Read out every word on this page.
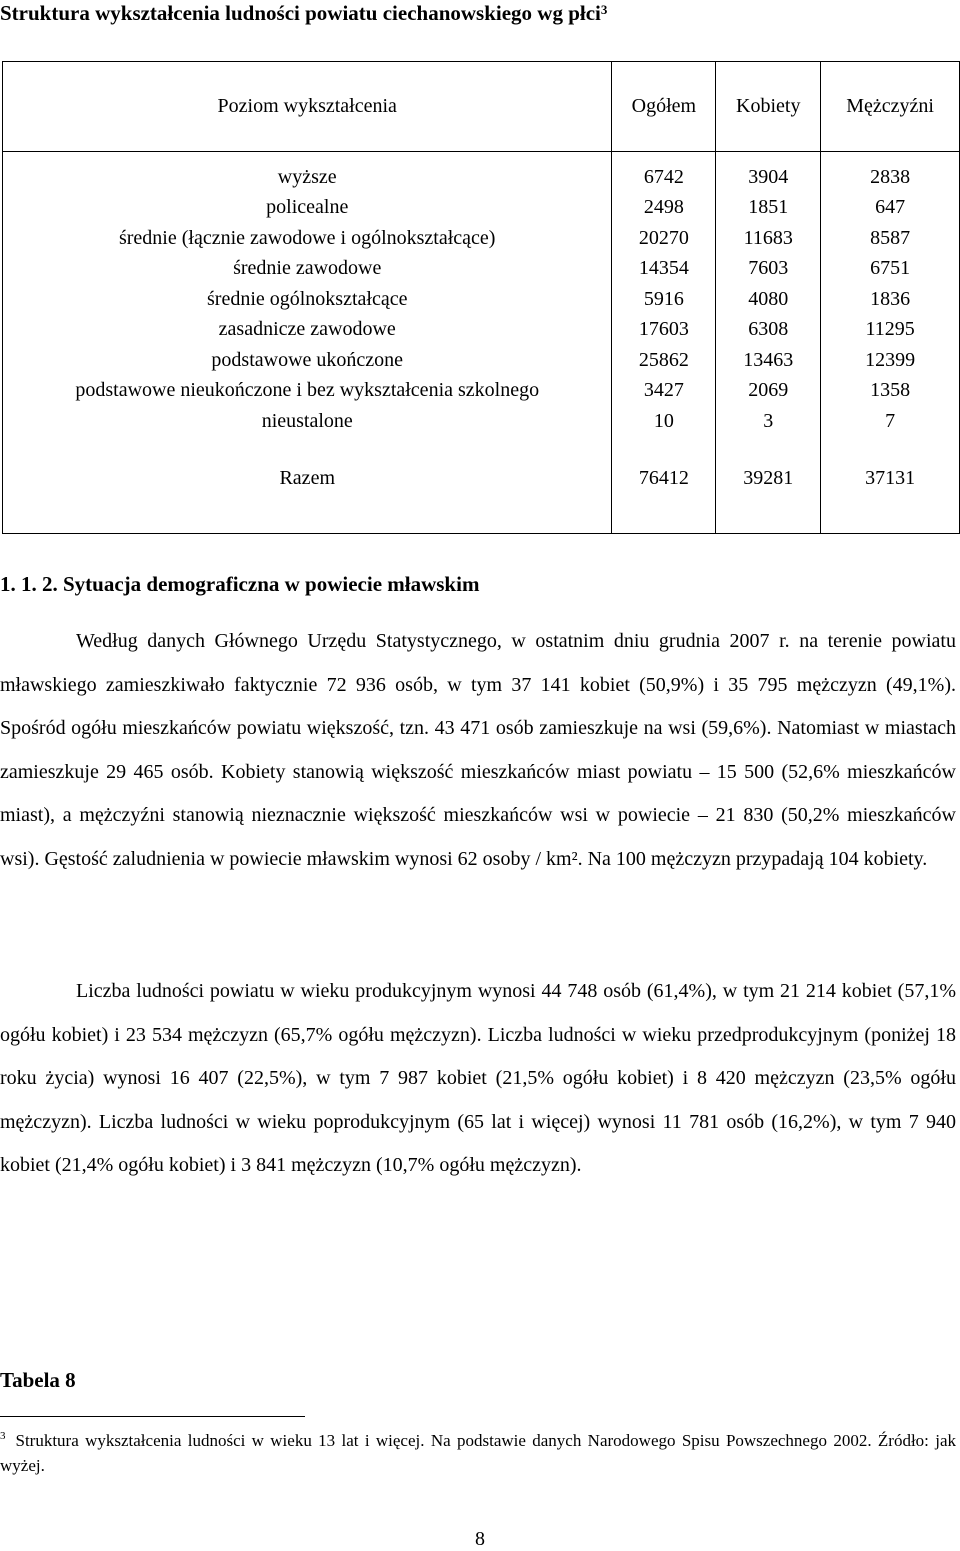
Struktura wykształcenia ludności powiatu ciechanowskiego wg płci$^3$
Poziom wykształcenia	Ogółem	Kobiety	Mężczyźni

wyższe	6742	3904	2838
policealne	2498	1851	647
średnie (łącznie zawodowe i ogólnokształcące)	20270	11683	8587
średnie zawodowe	14354	7603	6751
średnie ogólnokształcące	5916	4080	1836
zasadnicze zawodowe	17603	6308	11295
podstawowe ukończone	25862	13463	12399
podstawowe nieukończone i bez wykształcenia szkolnego	3427	2069	1358
nieustalone	10	3	7

Razem	76412	39281	37131
1. 1. 2. Sytuacja demograficzna w powiecie mławskim
Według danych Głównego Urzędu Statystycznego, w ostatnim dniu grudnia 2007 r. na terenie powiatu mławskiego zamieszkiwało faktycznie 72 936 osób, w tym 37 141 kobiet (50,9%) i 35 795 mężczyzn (49,1%). Spośród ogółu mieszkańców powiatu większość, tzn. 43 471 osób zamieszkuje na wsi (59,6%). Natomiast w miastach zamieszkuje 29 465 osób. Kobiety stanowią większość mieszkańców miast powiatu – 15 500 (52,6% mieszkańców miast), a mężczyźni stanowią nieznacznie większość mieszkańców wsi w powiecie – 21 830 (50,2% mieszkańców wsi). Gęstość zaludnienia w powiecie mławskim wynosi 62 osoby / km². Na 100 mężczyzn przypadają 104 kobiety.
Liczba ludności powiatu w wieku produkcyjnym wynosi 44 748 osób (61,4%), w tym 21 214 kobiet (57,1% ogółu kobiet) i 23 534 mężczyzn (65,7% ogółu mężczyzn). Liczba ludności w wieku przedprodukcyjnym (poniżej 18 roku życia) wynosi 16 407 (22,5%), w tym 7 987 kobiet (21,5% ogółu kobiet) i 8 420 mężczyzn (23,5% ogółu mężczyzn). Liczba ludności w wieku poprodukcyjnym (65 lat i więcej) wynosi 11 781 osób (16,2%), w tym 7 940 kobiet (21,4% ogółu kobiet) i 3 841 mężczyzn (10,7% ogółu mężczyzn).
Tabela 8
$^3$ Struktura wykształcenia ludności w wieku 13 lat i więcej. Na podstawie danych Narodowego Spisu Powszechnego 2002. Źródło: jak wyżej.
8
